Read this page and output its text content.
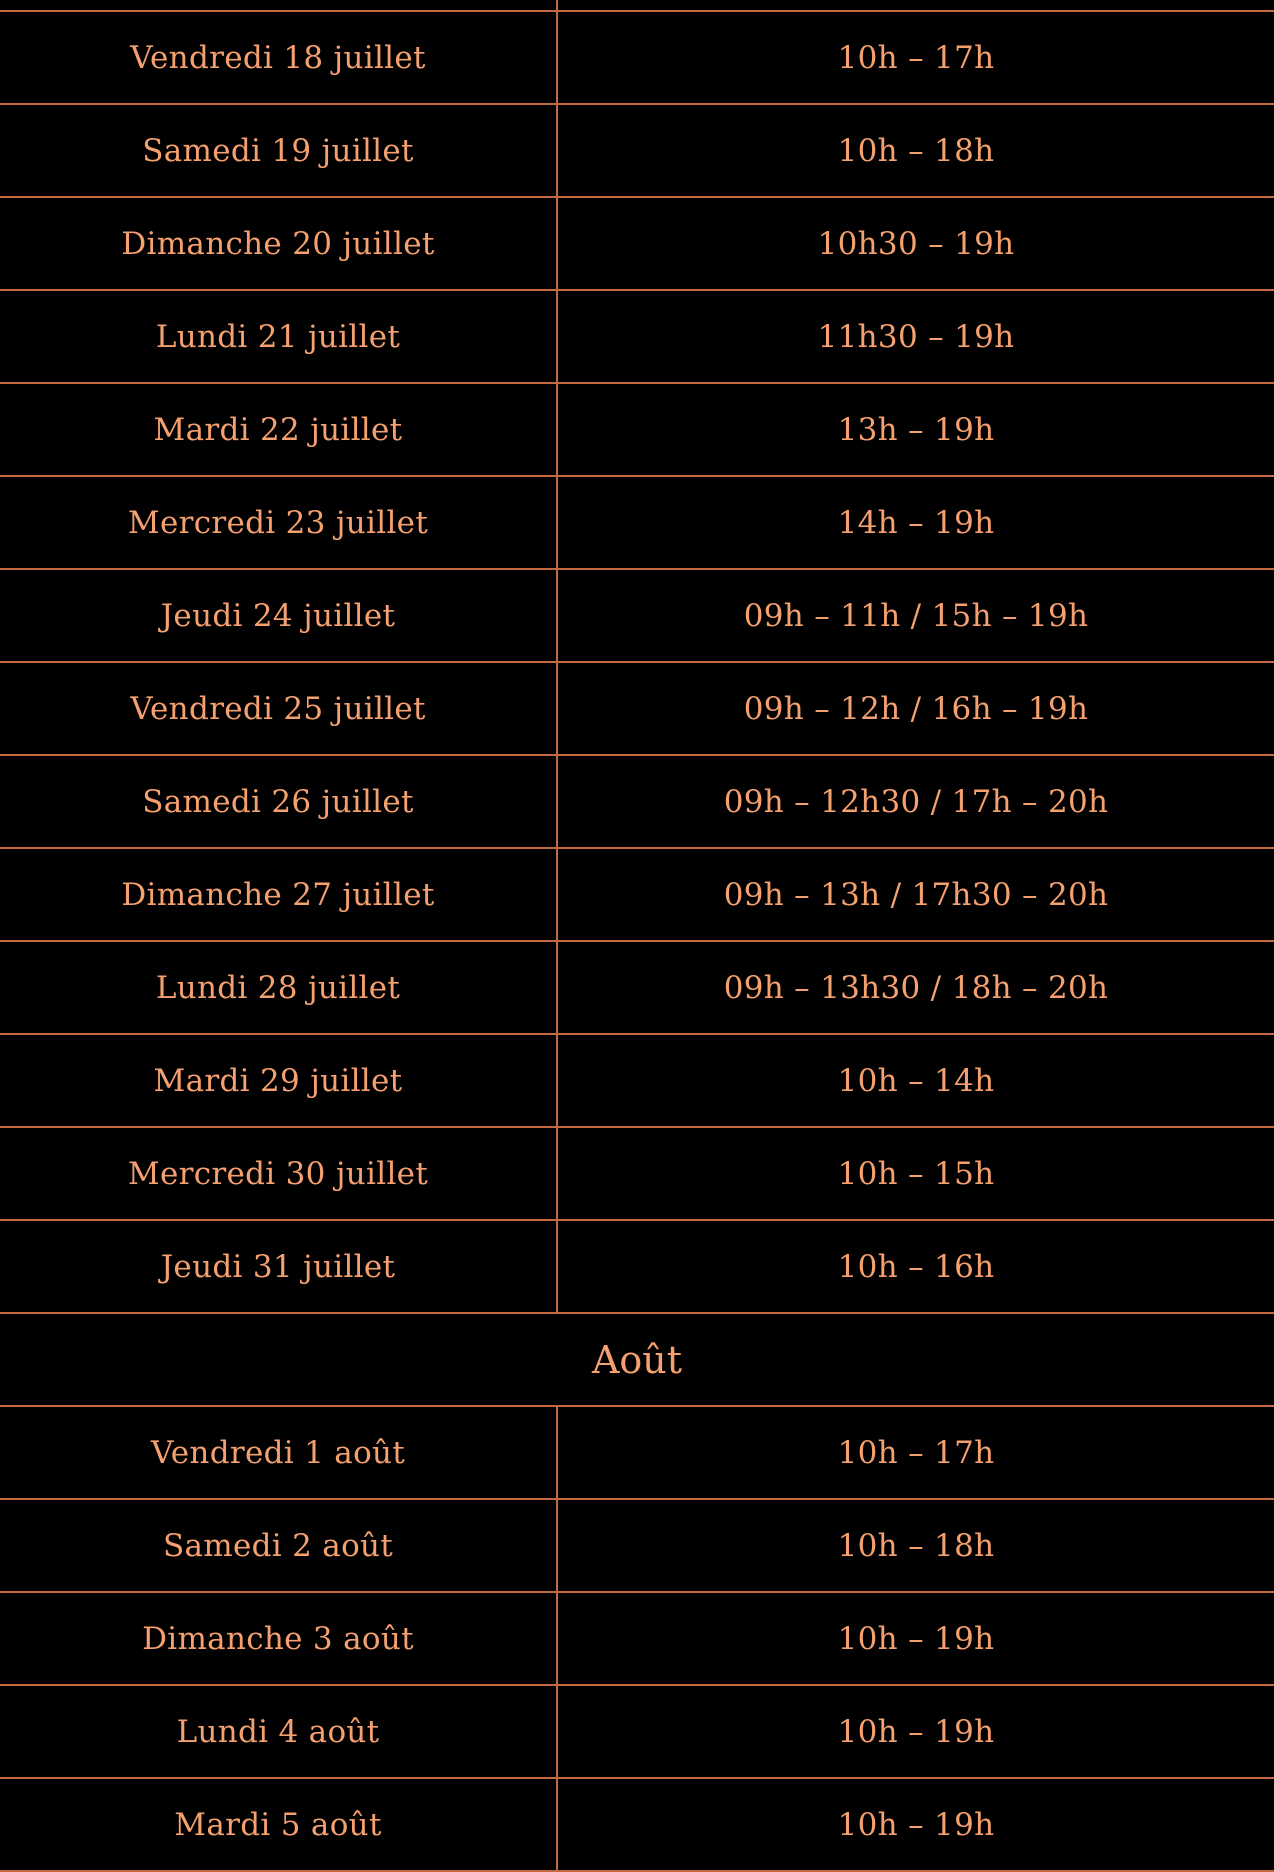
Vendredi 18 juillet	10h – 17h
Samedi 19 juillet	10h – 18h
Dimanche 20 juillet	10h30 – 19h
Lundi 21 juillet	11h30 – 19h
Mardi 22 juillet	13h – 19h
Mercredi 23 juillet	14h – 19h
Jeudi 24 juillet	09h – 11h / 15h – 19h
Vendredi 25 juillet	09h – 12h / 16h – 19h
Samedi 26 juillet	09h – 12h30 / 17h – 20h
Dimanche 27 juillet	09h – 13h / 17h30 – 20h
Lundi 28 juillet	09h – 13h30 / 18h – 20h
Mardi 29 juillet	10h – 14h
Mercredi 30 juillet	10h – 15h
Jeudi 31 juillet	10h – 16h
Août
Vendredi 1 août	10h – 17h
Samedi 2 août	10h – 18h
Dimanche 3 août	10h – 19h
Lundi 4 août	10h – 19h
Mardi 5 août	10h – 19h
